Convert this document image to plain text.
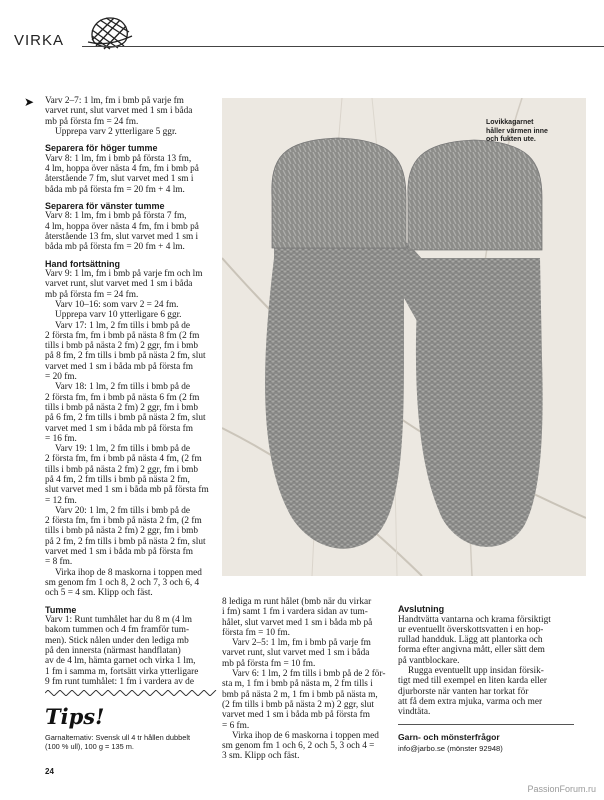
VIRKA
➤ Varv 2–7: 1 lm, fm i bmb på varje fm

varvet runt, slut varvet med 1 sm i båda

mb på första fm = 24 fm.

Upprepa varv 2 ytterligare 5 ggr.

Separera för höger tumme

Varv 8: 1 lm, fm i bmb på första 13 fm,

4 lm, hoppa över nästa 4 fm, fm i bmb på

återstående 7 fm, slut varvet med 1 sm i

båda mb på första fm = 20 fm + 4 lm.

Separera för vänster tumme

Varv 8: 1 lm, fm i bmb på första 7 fm,

4 lm, hoppa över nästa 4 fm, fm i bmb på

återstående 13 fm, slut varvet med 1 sm i

båda mb på första fm = 20 fm + 4 lm.

Hand fortsättning

Varv 9: 1 lm, fm i bmb på varje fm och lm

varvet runt, slut varvet med 1 sm i båda

mb på första fm = 24 fm.

Varv 10–16: som varv 2 = 24 fm.

Upprepa varv 10 ytterligare 6 ggr.

Varv 17: 1 lm, 2 fm tills i bmb på de

2 första fm, fm i bmb på nästa 8 fm (2 fm

tills i bmb på nästa 2 fm) 2 ggr, fm i bmb

på 8 fm, 2 fm tills i bmb på nästa 2 fm, slut

varvet med 1 sm i båda mb på första fm

= 20 fm.

Varv 18: 1 lm, 2 fm tills i bmb på de

2 första fm, fm i bmb på nästa 6 fm (2 fm

tills i bmb på nästa 2 fm) 2 ggr, fm i bmb

på 6 fm, 2 fm tills i bmb på nästa 2 fm, slut

varvet med 1 sm i båda mb på första fm

= 16 fm.

Varv 19: 1 lm, 2 fm tills i bmb på de

2 första fm, fm i bmb på nästa 4 fm, (2 fm

tills i bmb på nästa 2 fm) 2 ggr, fm i bmb

på 4 fm, 2 fm tills i bmb på nästa 2 fm,

slut varvet med 1 sm i båda mb på första fm

= 12 fm.

Varv 20: 1 lm, 2 fm tills i bmb på de

2 första fm, fm i bmb på nästa 2 fm, (2 fm

tills i bmb på nästa 2 fm) 2 ggr, fm i bmb

på 2 fm, 2 fm tills i bmb på nästa 2 fm, slut

varvet med 1 sm i båda mb på första fm

= 8 fm.

Virka ihop de 8 maskorna i toppen med

sm genom fm 1 och 8, 2 och 7, 3 och 6, 4

och 5 = 4 sm. Klipp och fäst.

Tumme

Varv 1: Runt tumhålet har du 8 m (4 lm

bakom tummen och 4 fm framför tum-

men). Stick nålen under den lediga mb

på den innersta (närmast handflatan)

av de 4 lm, hämta garnet och virka 1 lm,

1 fm i samma m, fortsätt virka ytterligare

9 fm runt tumhålet: 1 fm i vardera av de

Lovikkagarnet
håller värmen inne
och fukten ute.

8 lediga m runt hålet (bmb när du virkar

i fm) samt 1 fm i vardera sidan av tum-

hålet, slut varvet med 1 sm i båda mb på

första fm = 10 fm.

Varv 2–5: 1 lm, fm i bmb på varje fm

varvet runt, slut varvet med 1 sm i båda

mb på första fm = 10 fm.

Varv 6: 1 lm, 2 fm tills i bmb på de 2 för-

sta m, 1 fm i bmb på nästa m, 2 fm tills i

bmb på nästa 2 m, 1 fm i bmb på nästa m,

(2 fm tills i bmb på nästa 2 m) 2 ggr, slut

varvet med 1 sm i båda mb på första fm

= 6 fm.

Virka ihop de 6 maskorna i toppen med

sm genom fm 1 och 6, 2 och 5, 3 och 4 =

3 sm. Klipp och fäst.

Avslutning

Handtvätta vantarna och krama försiktigt

ur eventuellt överskottsvatten i en hop-

rullad handduk. Lägg att plantorka och

forma efter angivna mått, eller sätt dem

på vantblockare.

Rugga eventuellt upp insidan försik-

tigt med till exempel en liten karda eller

djurborste när vanten har torkat för

att få dem extra mjuka, varma och mer

vindtäta.

Tips!
Garnalternativ: Svensk ull 4 tr hållen dubbelt
(100 % ull), 100 g = 135 m.
Garn- och mönsterfrågor
info@jarbo.se (mönster 92948)
24
PassionForum.ru
